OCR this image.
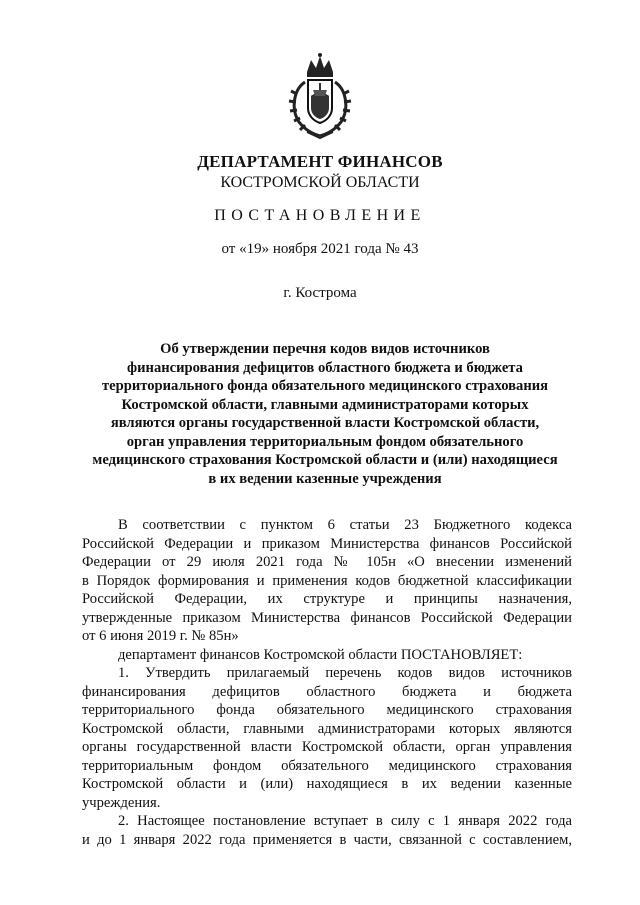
ДЕПАРТАМЕНТ ФИНАНСОВ
КОСТРОМСКОЙ ОБЛАСТИ
ПОСТАНОВЛЕНИЕ
от «19» ноября 2021 года № 43
г. Кострома
Об утверждении перечня кодов видов источников
финансирования дефицитов областного бюджета и бюджета
территориального фонда обязательного медицинского страхования
Костромской области, главными администраторами которых
являются органы государственной власти Костромской области,
орган управления территориальным фондом обязательного
медицинского страхования Костромской области и (или) находящиеся
в их ведении казенные учреждения
В соответствии с пунктом 6 статьи 23 Бюджетного кодекса
Российской Федерации и приказом Министерства финансов Российской
Федерации от 29 июля 2021 года № 105н «О внесении изменений
в Порядок формирования и применения кодов бюджетной классификации
Российской Федерации, их структуре и принципы назначения,
утвержденные приказом Министерства финансов Российской Федерации
от 6 июня 2019 г. № 85н»
департамент финансов Костромской области ПОСТАНОВЛЯЕТ:
1. Утвердить прилагаемый перечень кодов видов источников
финансирования дефицитов областного бюджета и бюджета
территориального фонда обязательного медицинского страхования
Костромской области, главными администраторами которых являются
органы государственной власти Костромской области, орган управления
территориальным фондом обязательного медицинского страхования
Костромской области и (или) находящиеся в их ведении казенные
учреждения.
2. Настоящее постановление вступает в силу с 1 января 2022 года
и до 1 января 2022 года применяется в части, связанной с составлением,
